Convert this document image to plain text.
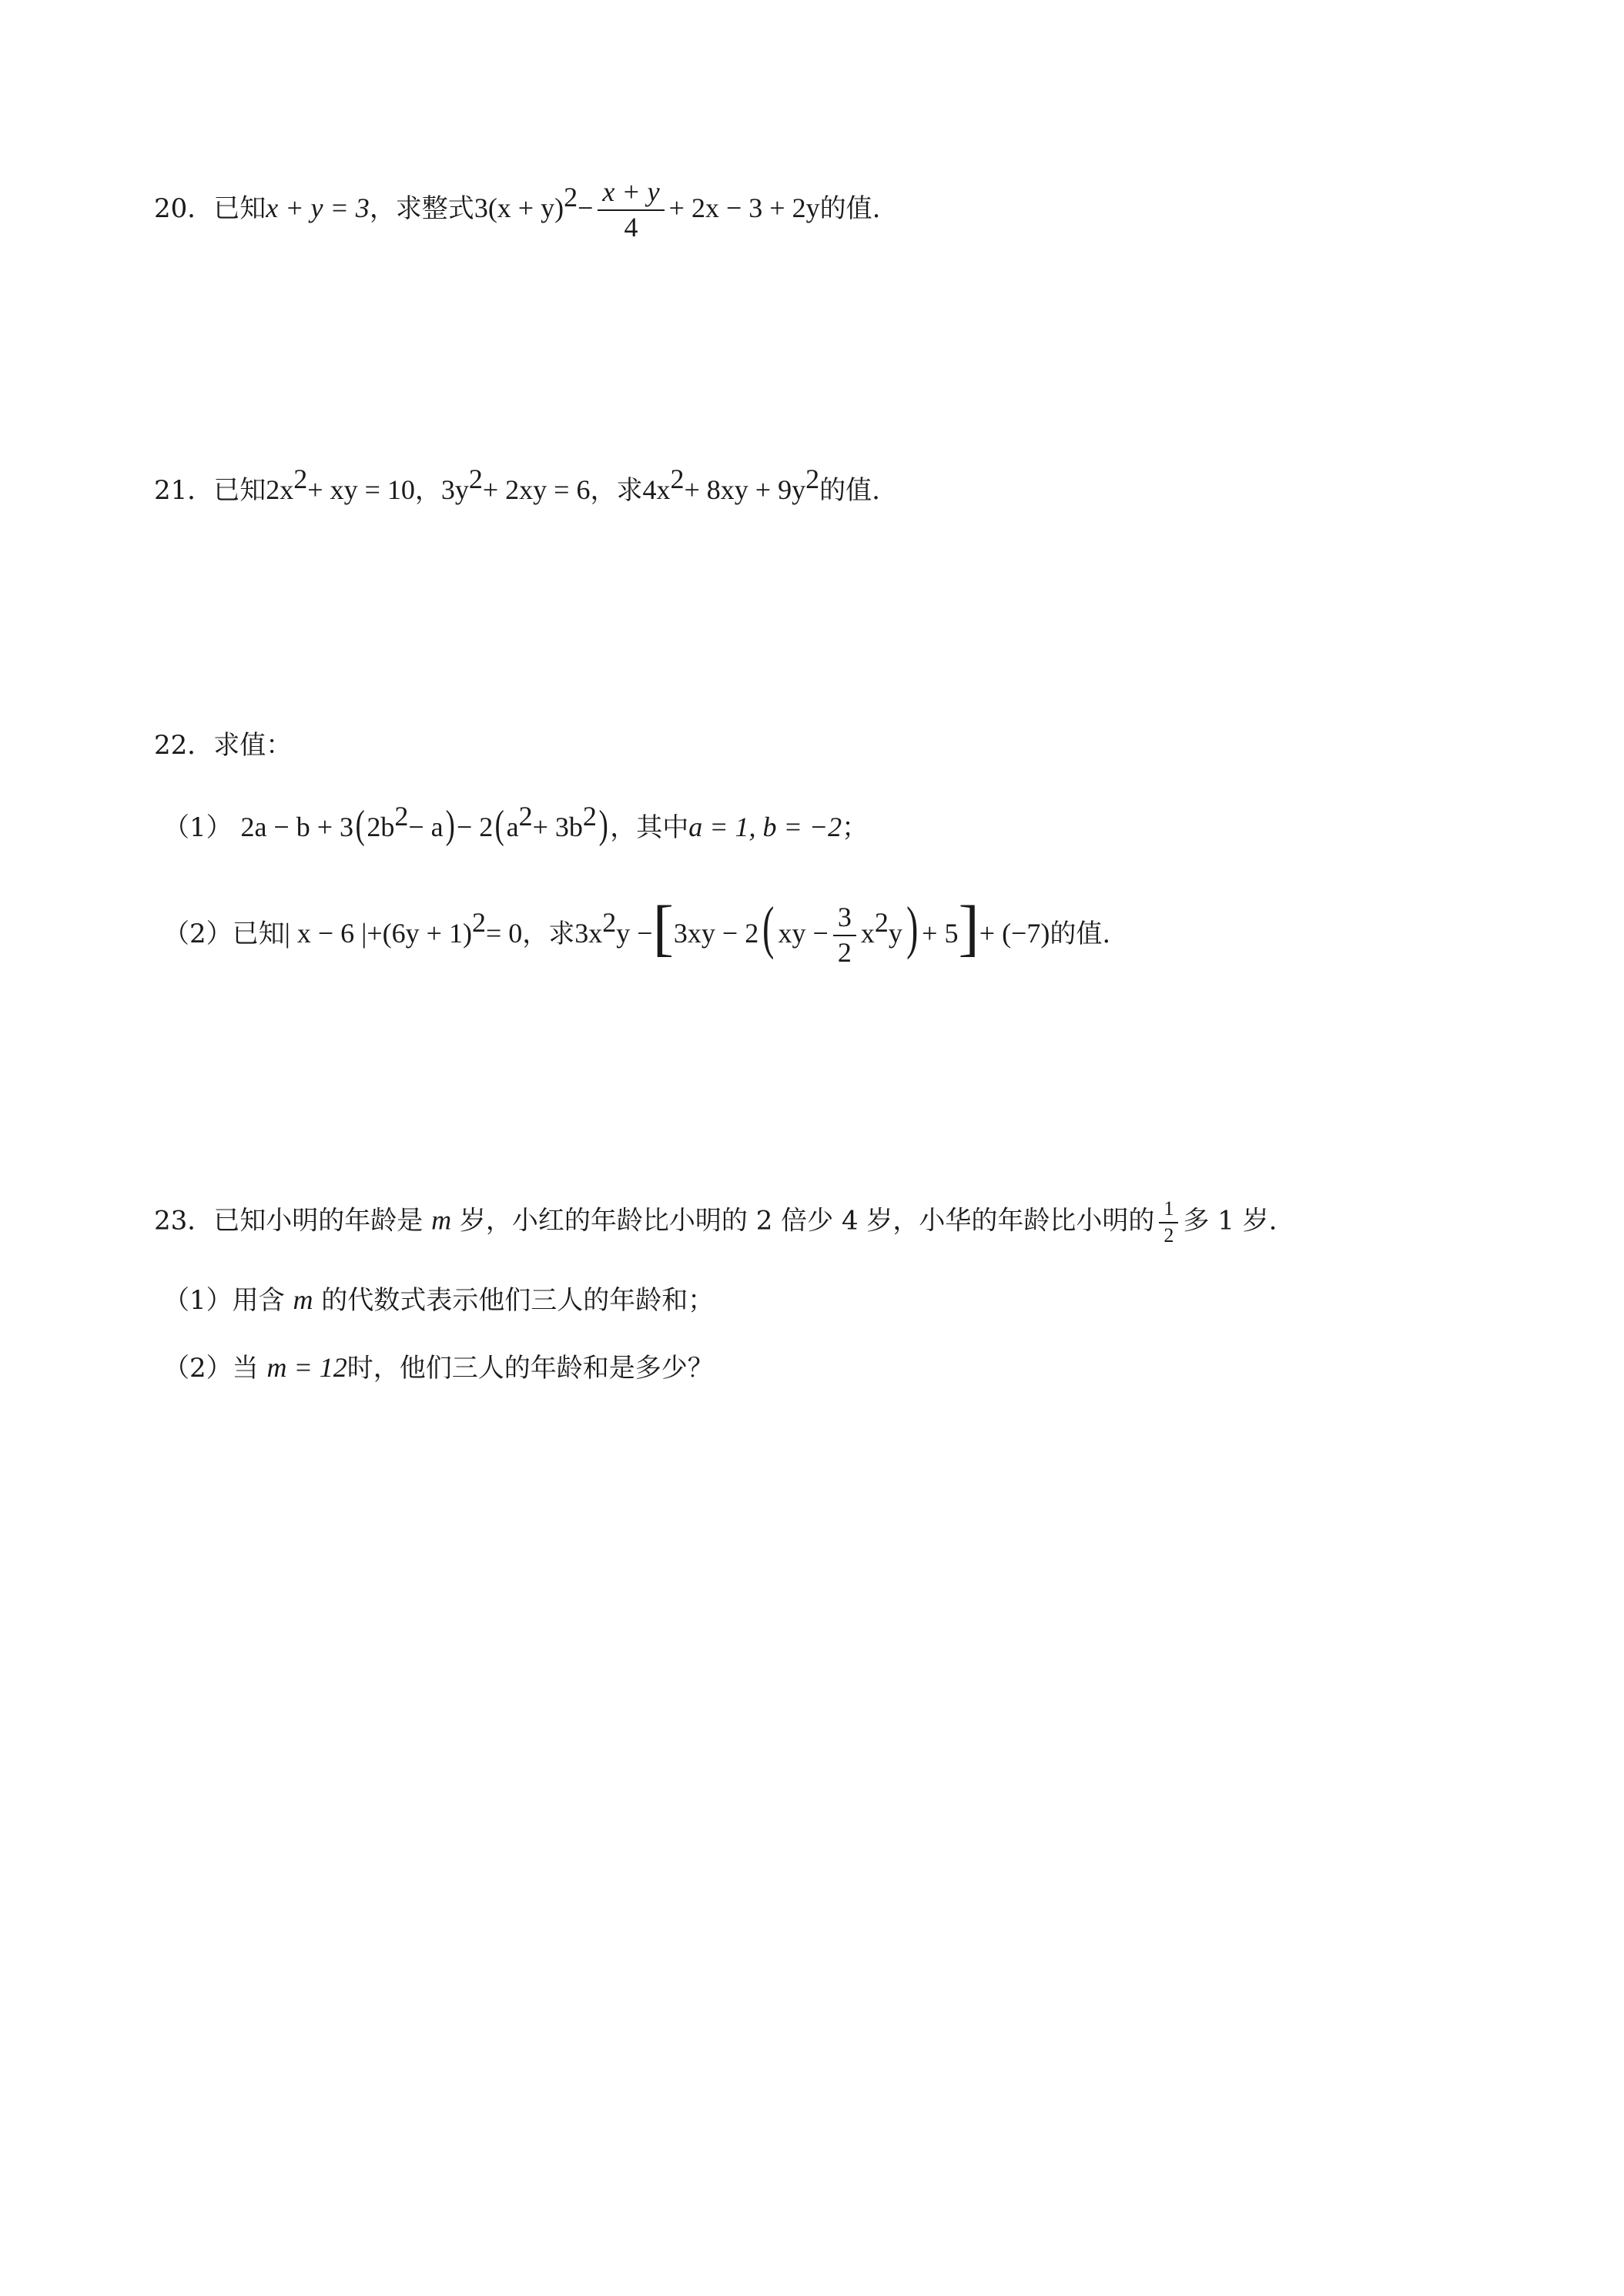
20．已知x + y = 3，求整式$3(x + y)^2- \frac{x + y}{4} + 2x - 3 + 2y$的值.
21．已知$2x^2+$ xy = 10，$3y^2+ 2xy = 6$，求$4x^2+ 8xy + 9y^2$的值.
22．求值：
（1） $2a - b + 3(2b^2- a)- 2(a^2+ 3b^2)$，其中a = 1, b = −2；
（2）已知| x − 6 $|+(6y + 1)^2= 0$，求$3x^2y -[3xy - 2$( xy − $\frac{3}{2} x^2y) + 5]+ (-7)$的值.
23．已知小明的年龄是 m 岁，小红的年龄比小明的 2 倍少 4 岁，小华的年龄比小明的 $\frac{1}{2}$ 多 1 岁.
（1）用含 m 的代数式表示他们三人的年龄和；
（2）当 m = 12时，他们三人的年龄和是多少？
